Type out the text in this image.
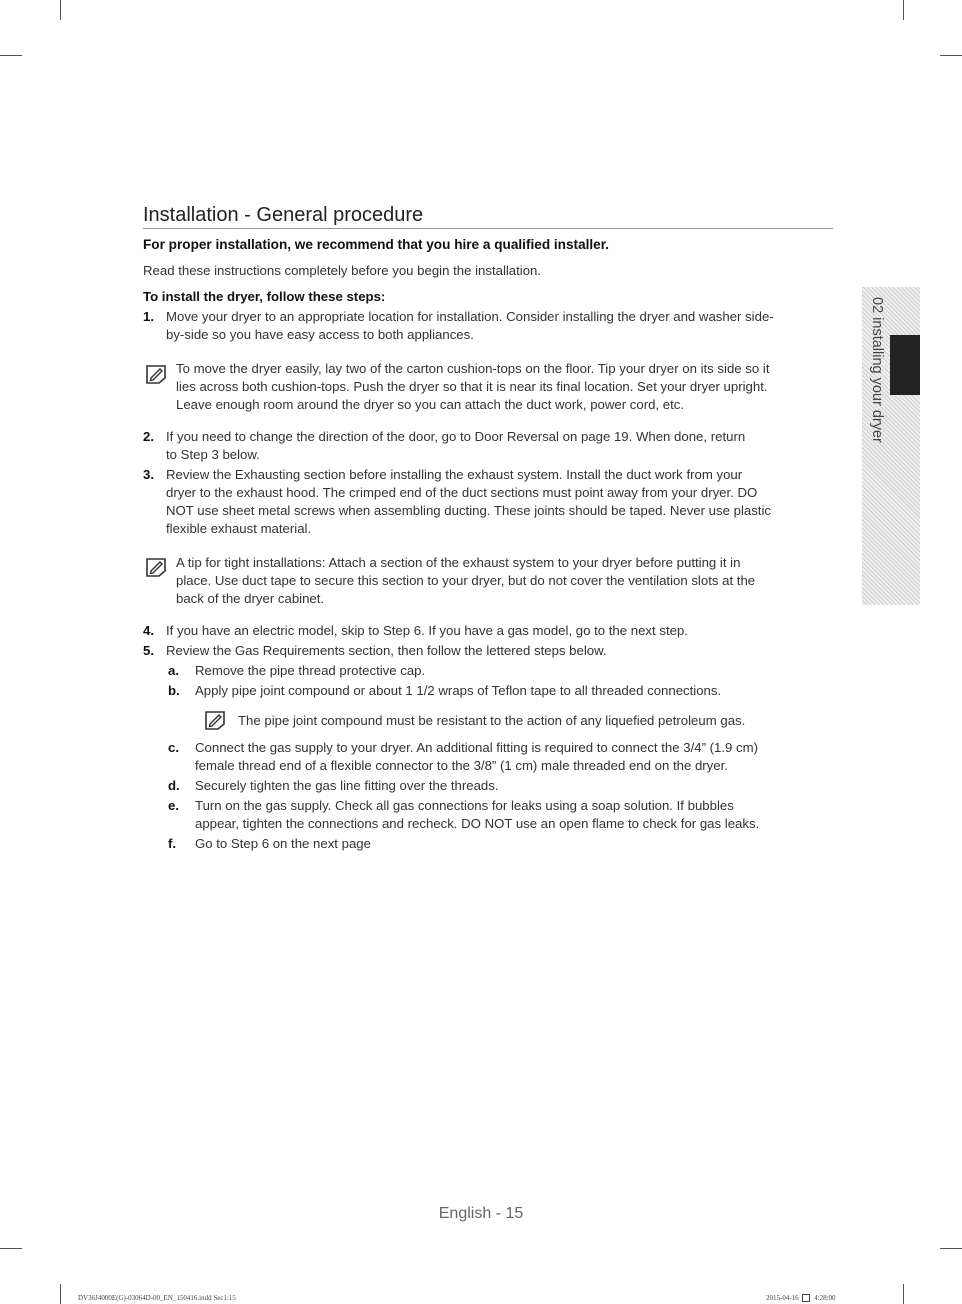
Installation - General procedure
For proper installation, we recommend that you hire a qualified installer.
Read these instructions completely before you begin the installation.
To install the dryer, follow these steps:
1. Move your dryer to an appropriate location for installation. Consider installing the dryer and washer side-
by-side so you have easy access to both appliances.
To move the dryer easily, lay two of the carton cushion-tops on the floor. Tip your dryer on its side so it
lies across both cushion-tops. Push the dryer so that it is near its final location. Set your dryer upright.
Leave enough room around the dryer so you can attach the duct work, power cord, etc.
2. If you need to change the direction of the door, go to Door Reversal on page 19. When done, return
to Step 3 below.
3. Review the Exhausting section before installing the exhaust system. Install the duct work from your
dryer to the exhaust hood. The crimped end of the duct sections must point away from your dryer. DO
NOT use sheet metal screws when assembling ducting. These joints should be taped. Never use plastic
flexible exhaust material.
A tip for tight installations: Attach a section of the exhaust system to your dryer before putting it in
place. Use duct tape to secure this section to your dryer, but do not cover the ventilation slots at the
back of the dryer cabinet.
4. If you have an electric model, skip to Step 6. If you have a gas model, go to the next step.
5. Review the Gas Requirements section, then follow the lettered steps below.
a. Remove the pipe thread protective cap.
b. Apply pipe joint compound or about 1 1/2 wraps of Teflon tape to all threaded connections.
The pipe joint compound must be resistant to the action of any liquefied petroleum gas.
c. Connect the gas supply to your dryer. An additional fitting is required to connect the 3/4” (1.9 cm)
female thread end of a flexible connector to the 3/8” (1 cm) male threaded end on the dryer.
d. Securely tighten the gas line fitting over the threads.
e. Turn on the gas supply. Check all gas connections for leaks using a soap solution. If bubbles
appear, tighten the connections and recheck. DO NOT use an open flame to check for gas leaks.
f. Go to Step 6 on the next page
02 installing your dryer
English - 15
DV36J4000E(G)-03064D-00_EN_150416.indd Sec1:15	2015-04-16 4:28:00
